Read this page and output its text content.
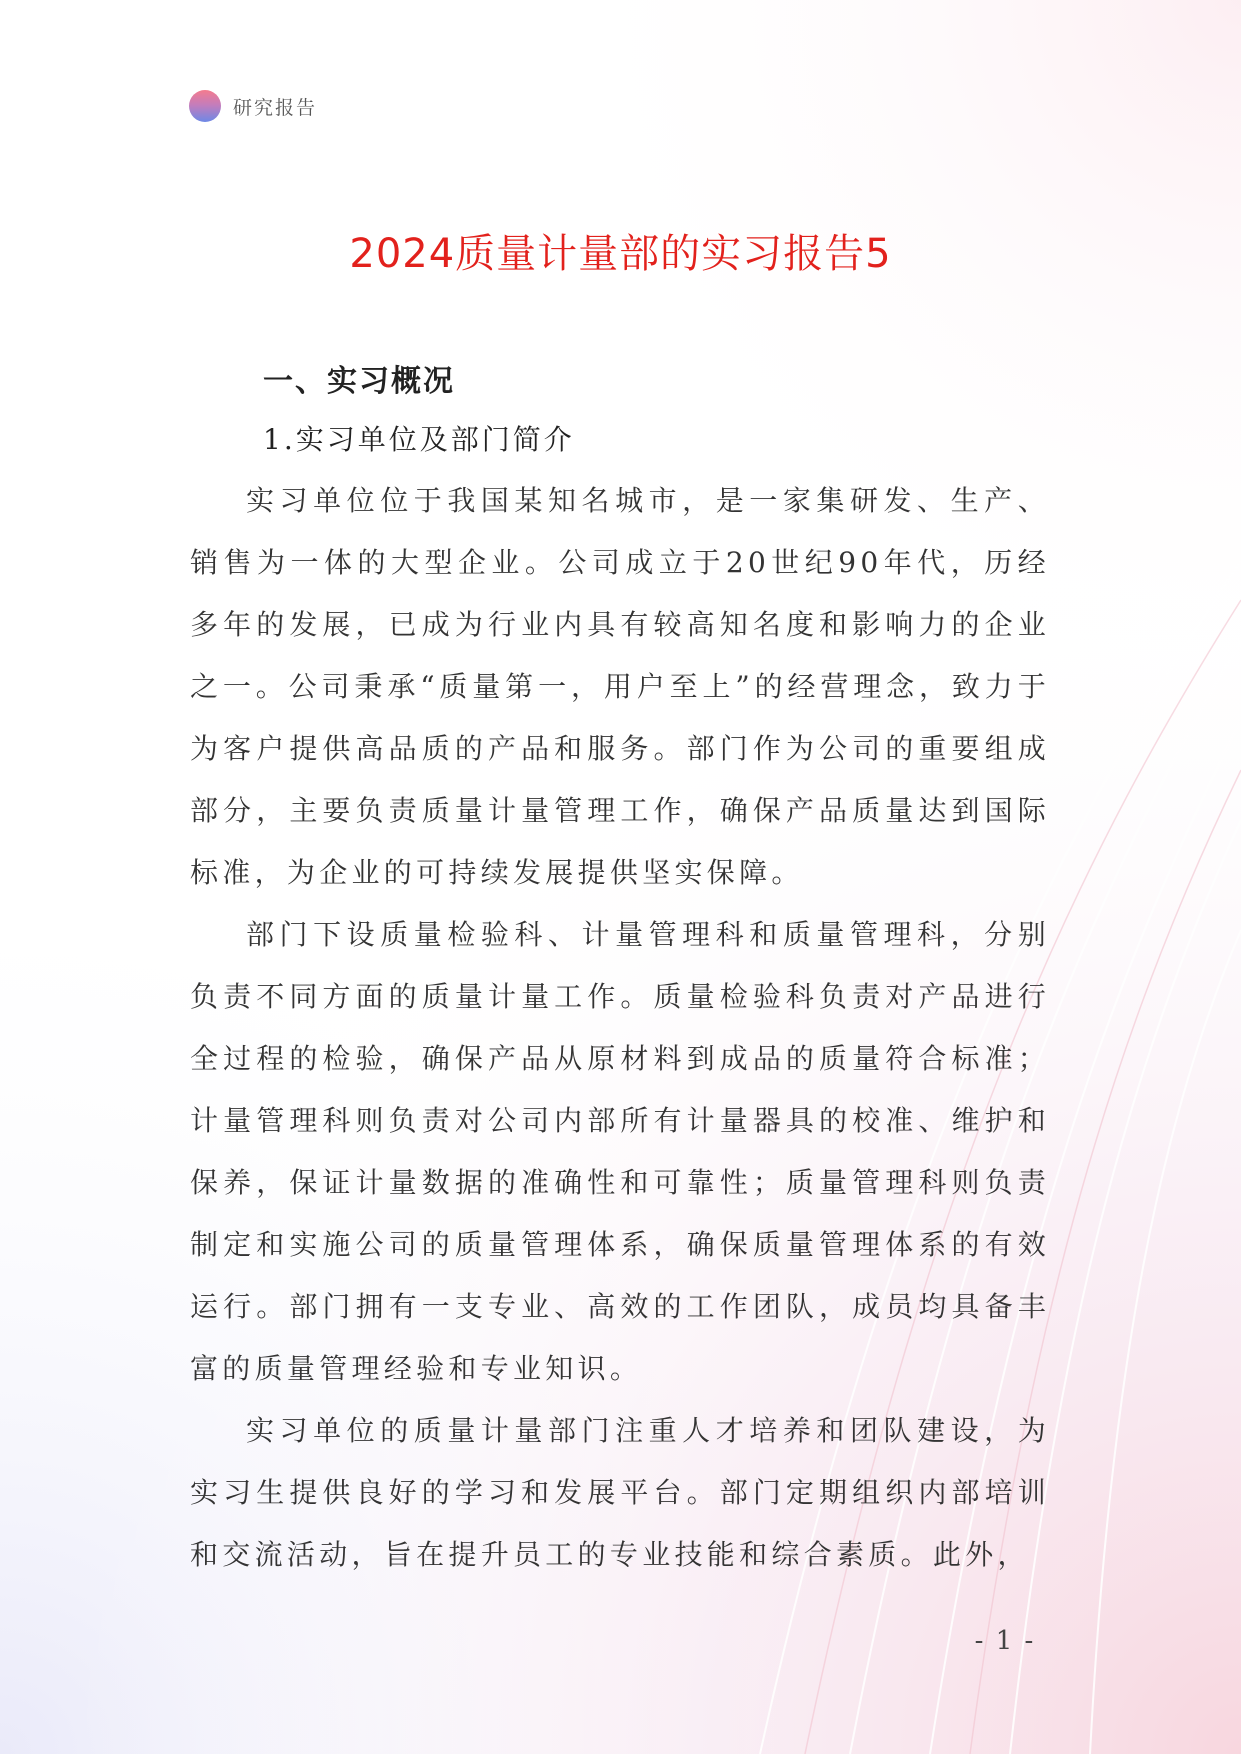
研究报告
2024质量计量部的实习报告5
一、实习概况
1.实习单位及部门简介

实习单位位于我国某知名城市，是一家集研发、生产、销售为一体的大型企业。公司成立于20世纪90年代，历经多年的发展，已成为行业内具有较高知名度和影响力的企业之一。公司秉承“质量第一，用户至上”的经营理念，致力于为客户提供高品质的产品和服务。部门作为公司的重要组成部分，主要负责质量计量管理工作，确保产品质量达到国际标准，为企业的可持续发展提供坚实保障。

部门下设质量检验科、计量管理科和质量管理科，分别负责不同方面的质量计量工作。质量检验科负责对产品进行全过程的检验，确保产品从原材料到成品的质量符合标准；计量管理科则负责对公司内部所有计量器具的校准、维护和保养，保证计量数据的准确性和可靠性；质量管理科则负责制定和实施公司的质量管理体系，确保质量管理体系的有效运行。部门拥有一支专业、高效的工作团队，成员均具备丰富的质量管理经验和专业知识。

实习单位的质量计量部门注重人才培养和团队建设，为实习生提供良好的学习和发展平台。部门定期组织内部培训和交流活动，旨在提升员工的专业技能和综合素质。此外，

- 1 -
